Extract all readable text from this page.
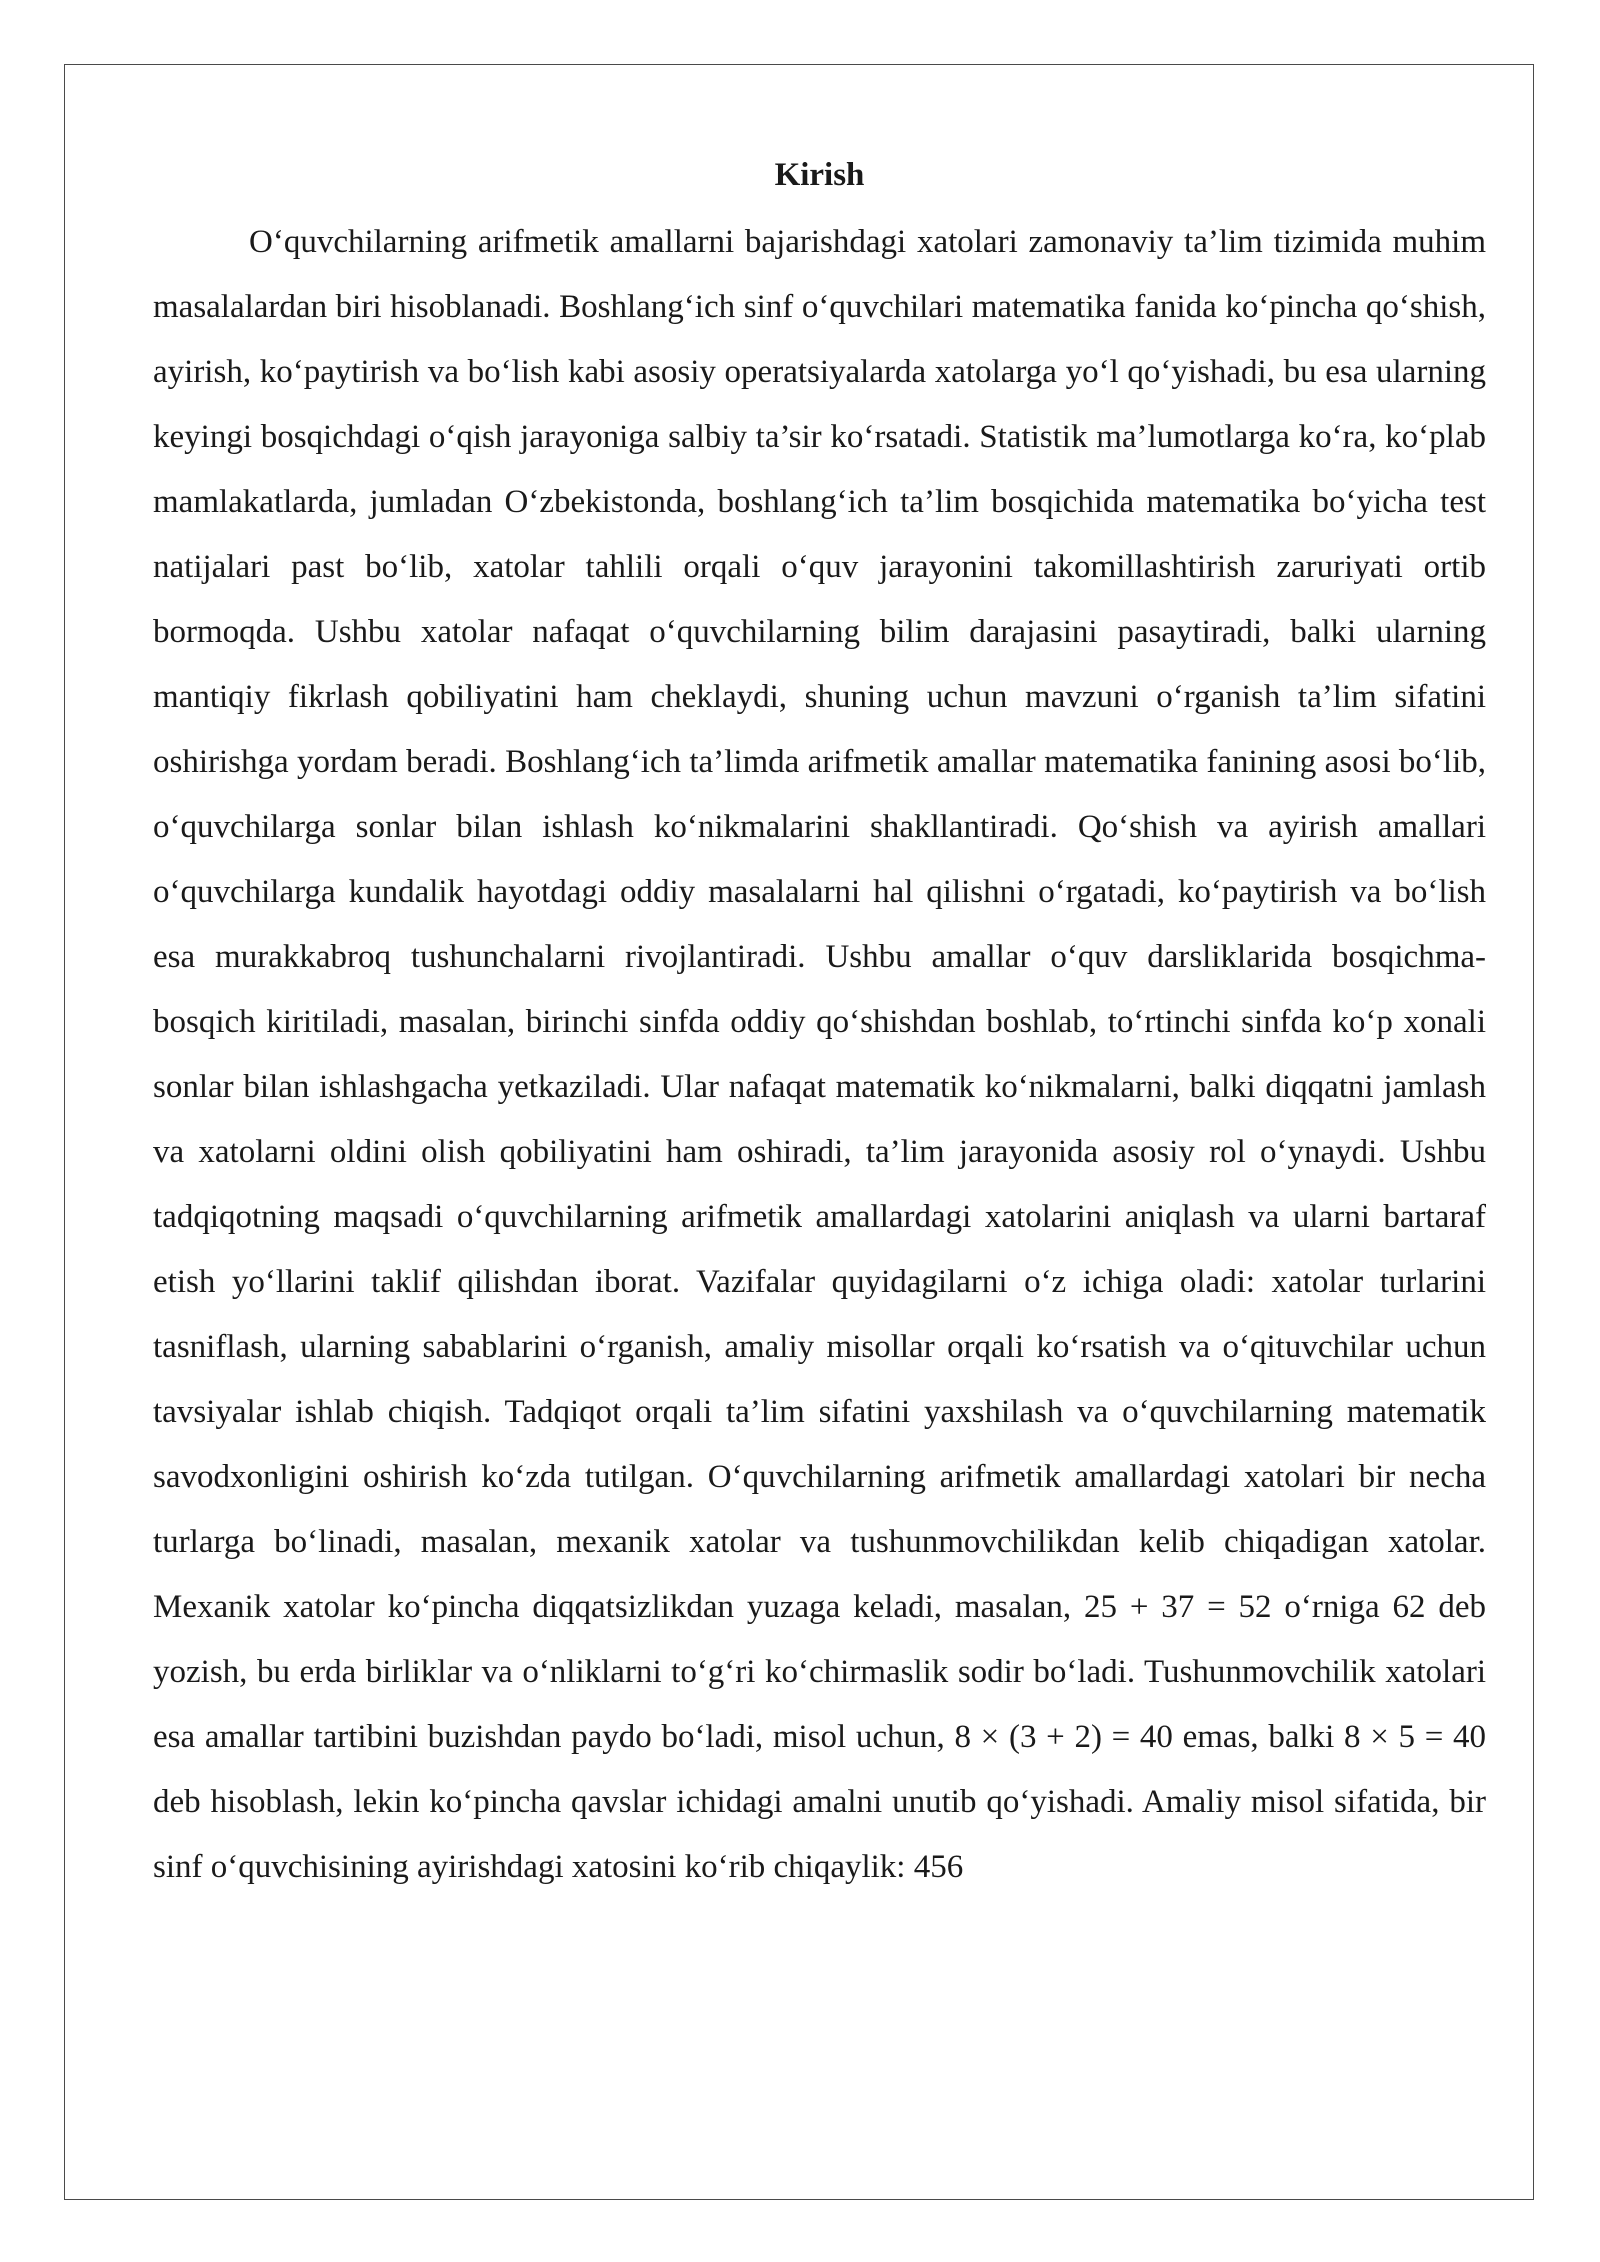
Kirish

O‘quvchilarning arifmetik amallarni bajarishdagi xatolari zamonaviy ta’lim tizimida muhim masalalardan biri hisoblanadi. Boshlang‘ich sinf o‘quvchilari matematika fanida ko‘pincha qo‘shish, ayirish, ko‘paytirish va bo‘lish kabi asosiy operatsiyalarda xatolarga yo‘l qo‘yishadi, bu esa ularning keyingi bosqichdagi o‘qish jarayoniga salbiy ta’sir ko‘rsatadi. Statistik ma’lumotlarga ko‘ra, ko‘plab mamlakatlarda, jumladan O‘zbekistonda, boshlang‘ich ta’lim bosqichida matematika bo‘yicha test natijalari past bo‘lib, xatolar tahlili orqali o‘quv jarayonini takomillashtirish zaruriyati ortib bormoqda. Ushbu xatolar nafaqat o‘quvchilarning bilim darajasini pasaytiradi, balki ularning mantiqiy fikrlash qobiliyatini ham cheklaydi, shuning uchun mavzuni o‘rganish ta’lim sifatini oshirishga yordam beradi. Boshlang‘ich ta’limda arifmetik amallar matematika fanining asosi bo‘lib, o‘quvchilarga sonlar bilan ishlash ko‘nikmalarini shakllantiradi. Qo‘shish va ayirish amallari o‘quvchilarga kundalik hayotdagi oddiy masalalarni hal qilishni o‘rgatadi, ko‘paytirish va bo‘lish esa murakkabroq tushunchalarni rivojlantiradi. Ushbu amallar o‘quv darsliklarida bosqichma-bosqich kiritiladi, masalan, birinchi sinfda oddiy qo‘shishdan boshlab, to‘rtinchi sinfda ko‘p xonali sonlar bilan ishlashgacha yetkaziladi. Ular nafaqat matematik ko‘nikmalarni, balki diqqatni jamlash va xatolarni oldini olish qobiliyatini ham oshiradi, ta’lim jarayonida asosiy rol o‘ynaydi. Ushbu tadqiqotning maqsadi o‘quvchilarning arifmetik amallardagi xatolarini aniqlash va ularni bartaraf etish yo‘llarini taklif qilishdan iborat. Vazifalar quyidagilarni o‘z ichiga oladi: xatolar turlarini tasniflash, ularning sabablarini o‘rganish, amaliy misollar orqali ko‘rsatish va o‘qituvchilar uchun tavsiyalar ishlab chiqish. Tadqiqot orqali ta’lim sifatini yaxshilash va o‘quvchilarning matematik savodxonligini oshirish ko‘zda tutilgan. O‘quvchilarning arifmetik amallardagi xatolari bir necha turlarga bo‘linadi, masalan, mexanik xatolar va tushunmovchilikdan kelib chiqadigan xatolar. Mexanik xatolar ko‘pincha diqqatsizlikdan yuzaga keladi, masalan, 25 + 37 = 52 o‘rniga 62 deb yozish, bu erda birliklar va o‘nliklarni to‘g‘ri ko‘chirmaslik sodir bo‘ladi. Tushunmovchilik xatolari esa amallar tartibini buzishdan paydo bo‘ladi, misol uchun, 8 × (3 + 2) = 40 emas, balki 8 × 5 = 40 deb hisoblash, lekin ko‘pincha qavslar ichidagi amalni unutib qo‘yishadi. Amaliy misol sifatida, bir sinf o‘quvchisining ayirishdagi xatosini ko‘rib chiqaylik: 456
